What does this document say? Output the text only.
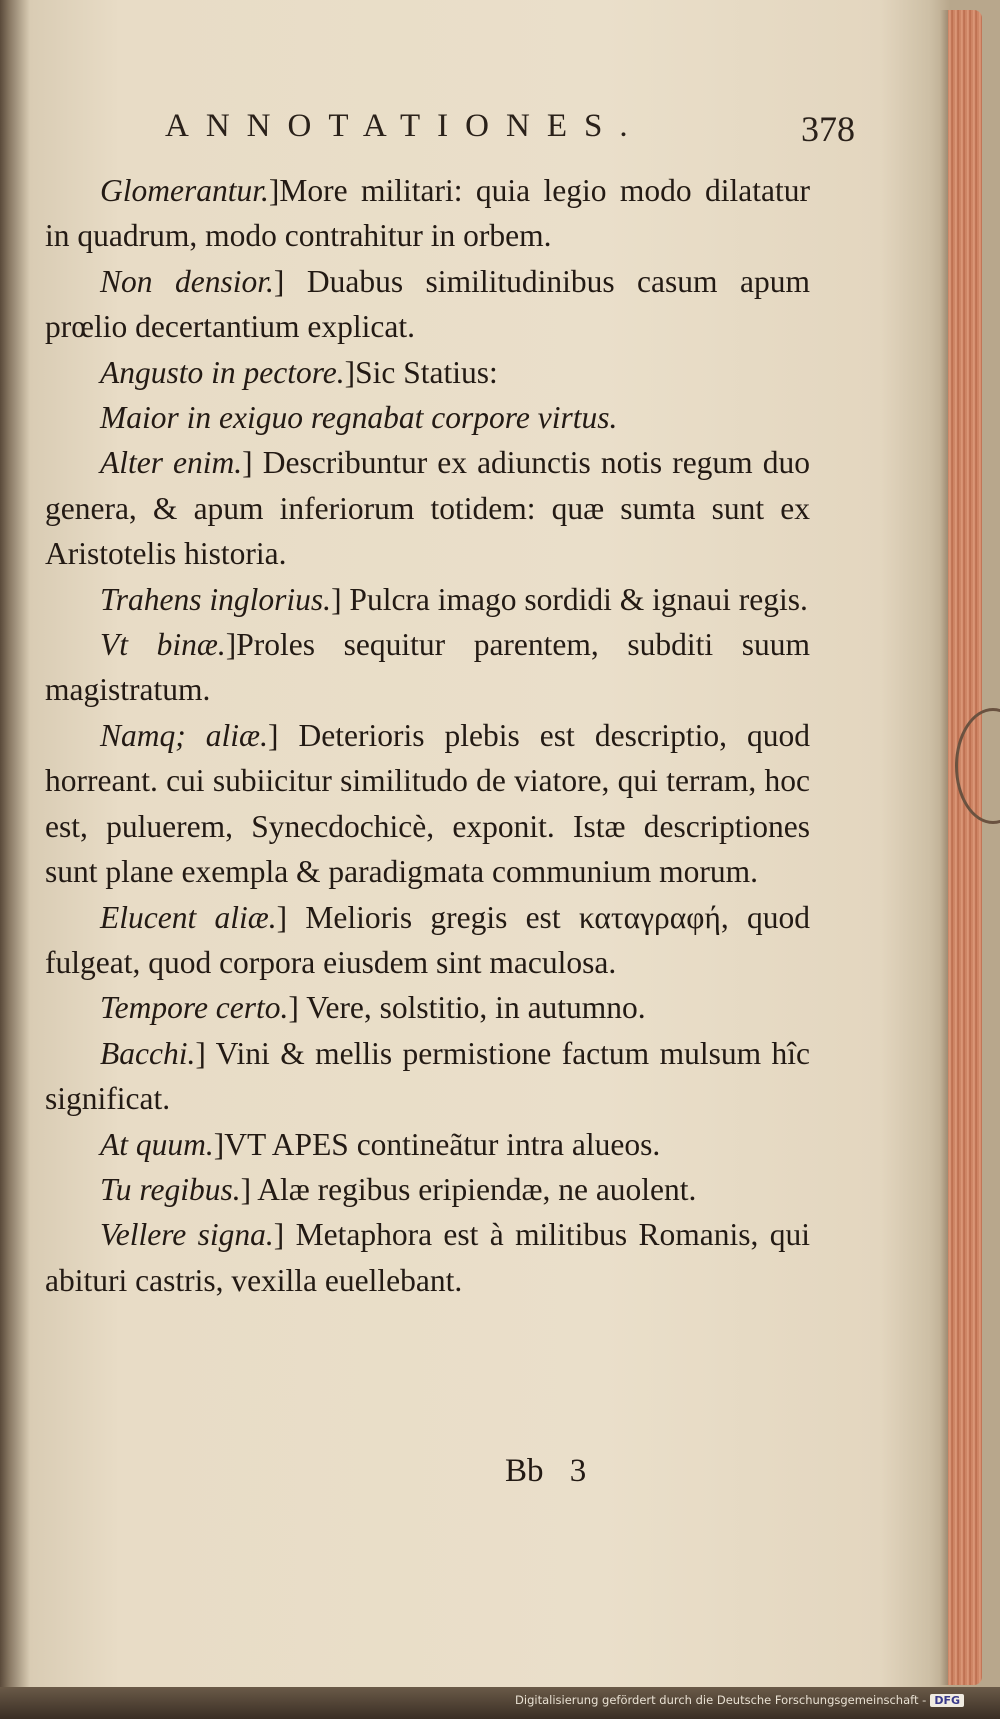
ANNOTATIONES.	378

Glomerantur.]More militari: quia legio modo dilatatur in quadrum, modo contrahitur in orbem.

Non densior.] Duabus similitudinibus casum apum prœlio decertantium explicat.

Angusto in pectore.]Sic Statius:

Maior in exiguo regnabat corpore virtus.

Alter enim.] Describuntur ex adiunctis notis regum duo genera, & apum inferiorum totidem: quæ sumta sunt ex Aristotelis historia.

Trahens inglorius.] Pulcra imago sordidi & ignaui regis.

Vt binæ.]Proles sequitur parentem, subditi suum magistratum.

Namq; aliæ.] Deterioris plebis est descriptio, quod horreant. cui subiicitur similitudo de viatore, qui terram, hoc est, puluerem, Synecdochicè, exponit. Istæ descriptiones sunt plane exempla & paradigmata communium morum.

Elucent aliæ.] Melioris gregis est καταγραφή, quod fulgeat, quod corpora eiusdem sint maculosa.

Tempore certo.] Vere, solstitio, in autumno.

Bacchi.] Vini & mellis permistione factum mulsum hîc significat.

At quum.]VT APES contineãtur intra alueos.

Tu regibus.] Alæ regibus eripiendæ, ne auolent.

Vellere signa.] Metaphora est à militibus Romanis, qui abituri castris, vexilla euellebant.

Bb 3
Digitalisierung gefördert durch die Deutsche Forschungsgemeinschaft - DFG
